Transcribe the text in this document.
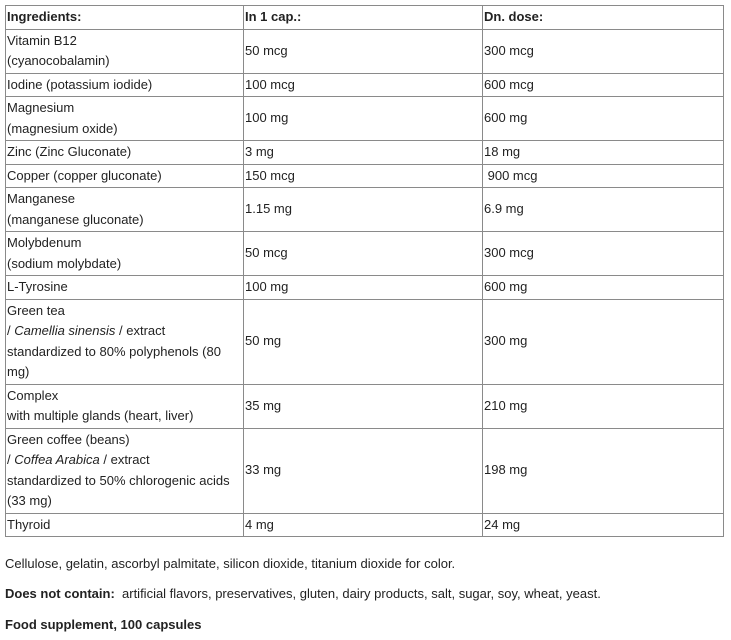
Ingredients:	In 1 cap.:	Dn. dose:

Vitamin B12
(cyanocobalamin)	50 mcg	300 mcg

Iodine (potassium iodide)	100 mcg	600 mcg

Magnesium
(magnesium oxide)	100 mg	600 mg

Zinc (Zinc Gluconate)	3 mg	18 mg

Copper (copper gluconate)	150 mcg	900 mcg

Manganese
(manganese gluconate)	1.15 mg	6.9 mg

Molybdenum
(sodium molybdate)	50 mcg	300 mcg

L-Tyrosine	100 mg	600 mg

Green tea
/ Camellia sinensis / extract
standardized to 80% polyphenols (80 mg)	50 mg	300 mg

Complex
with multiple glands (heart, liver)	35 mg	210 mg

Green coffee (beans)
/ Coffea Arabica / extract
standardized to 50% chlorogenic acids (33 mg)	33 mg	198 mg

Thyroid	4 mg	24 mg
Cellulose, gelatin, ascorbyl palmitate, silicon dioxide, titanium dioxide for color.
Does not contain:  artificial flavors, preservatives, gluten, dairy products, salt, sugar, soy, wheat, yeast.
Food supplement, 100 capsules
